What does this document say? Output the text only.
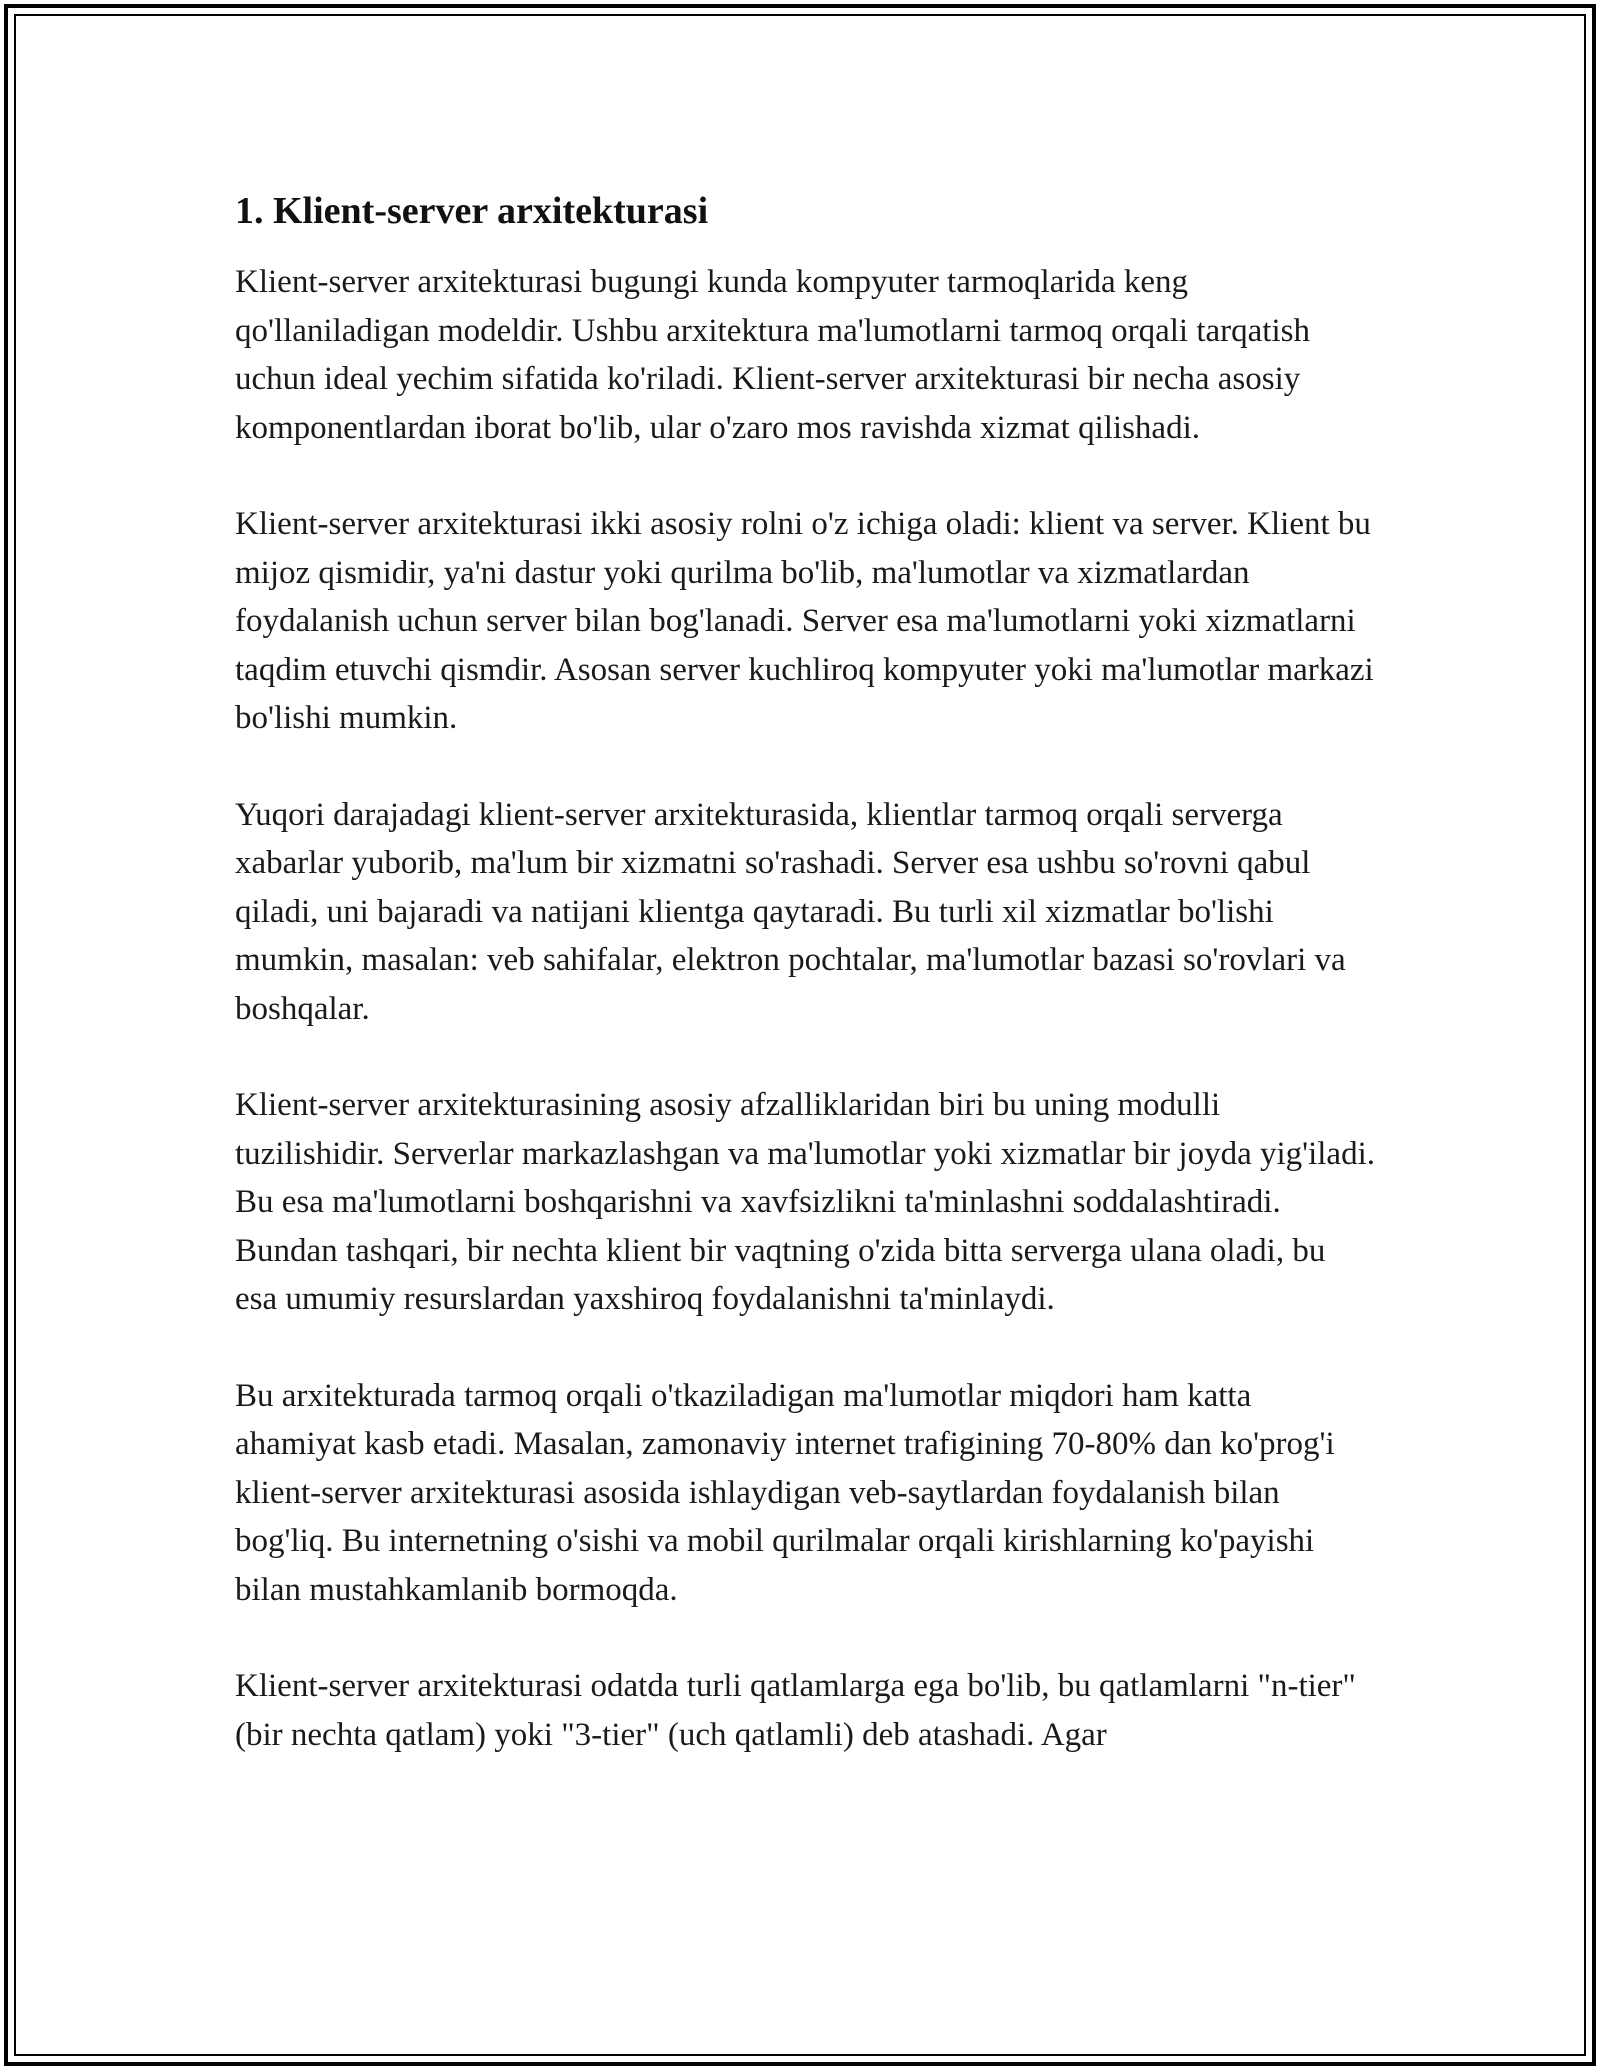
1. Klient-server arxitekturasi

Klient-server arxitekturasi bugungi kunda kompyuter tarmoqlarida keng qo'llaniladigan modeldir. Ushbu arxitektura ma'lumotlarni tarmoq orqali tarqatish uchun ideal yechim sifatida ko'riladi. Klient-server arxitekturasi bir necha asosiy komponentlardan iborat bo'lib, ular o'zaro mos ravishda xizmat qilishadi.

Klient-server arxitekturasi ikki asosiy rolni o'z ichiga oladi: klient va server. Klient bu mijoz qismidir, ya'ni dastur yoki qurilma bo'lib, ma'lumotlar va xizmatlardan foydalanish uchun server bilan bog'lanadi. Server esa ma'lumotlarni yoki xizmatlarni taqdim etuvchi qismdir. Asosan server kuchliroq kompyuter yoki ma'lumotlar markazi bo'lishi mumkin.

Yuqori darajadagi klient-server arxitekturasida, klientlar tarmoq orqali serverga xabarlar yuborib, ma'lum bir xizmatni so'rashadi. Server esa ushbu so'rovni qabul qiladi, uni bajaradi va natijani klientga qaytaradi. Bu turli xil xizmatlar bo'lishi mumkin, masalan: veb sahifalar, elektron pochtalar, ma'lumotlar bazasi so'rovlari va boshqalar.

Klient-server arxitekturasining asosiy afzalliklaridan biri bu uning modulli tuzilishidir. Serverlar markazlashgan va ma'lumotlar yoki xizmatlar bir joyda yig'iladi. Bu esa ma'lumotlarni boshqarishni va xavfsizlikni ta'minlashni soddalashtiradi. Bundan tashqari, bir nechta klient bir vaqtning o'zida bitta serverga ulana oladi, bu esa umumiy resurslardan yaxshiroq foydalanishni ta'minlaydi.

Bu arxitekturada tarmoq orqali o'tkaziladigan ma'lumotlar miqdori ham katta ahamiyat kasb etadi. Masalan, zamonaviy internet trafigining 70-80% dan ko'prog'i klient-server arxitekturasi asosida ishlaydigan veb-saytlardan foydalanish bilan bog'liq. Bu internetning o'sishi va mobil qurilmalar orqali kirishlarning ko'payishi bilan mustahkamlanib bormoqda.

Klient-server arxitekturasi odatda turli qatlamlarga ega bo'lib, bu qatlamlarni "n-tier" (bir nechta qatlam) yoki "3-tier" (uch qatlamli) deb atashadi. Agar
